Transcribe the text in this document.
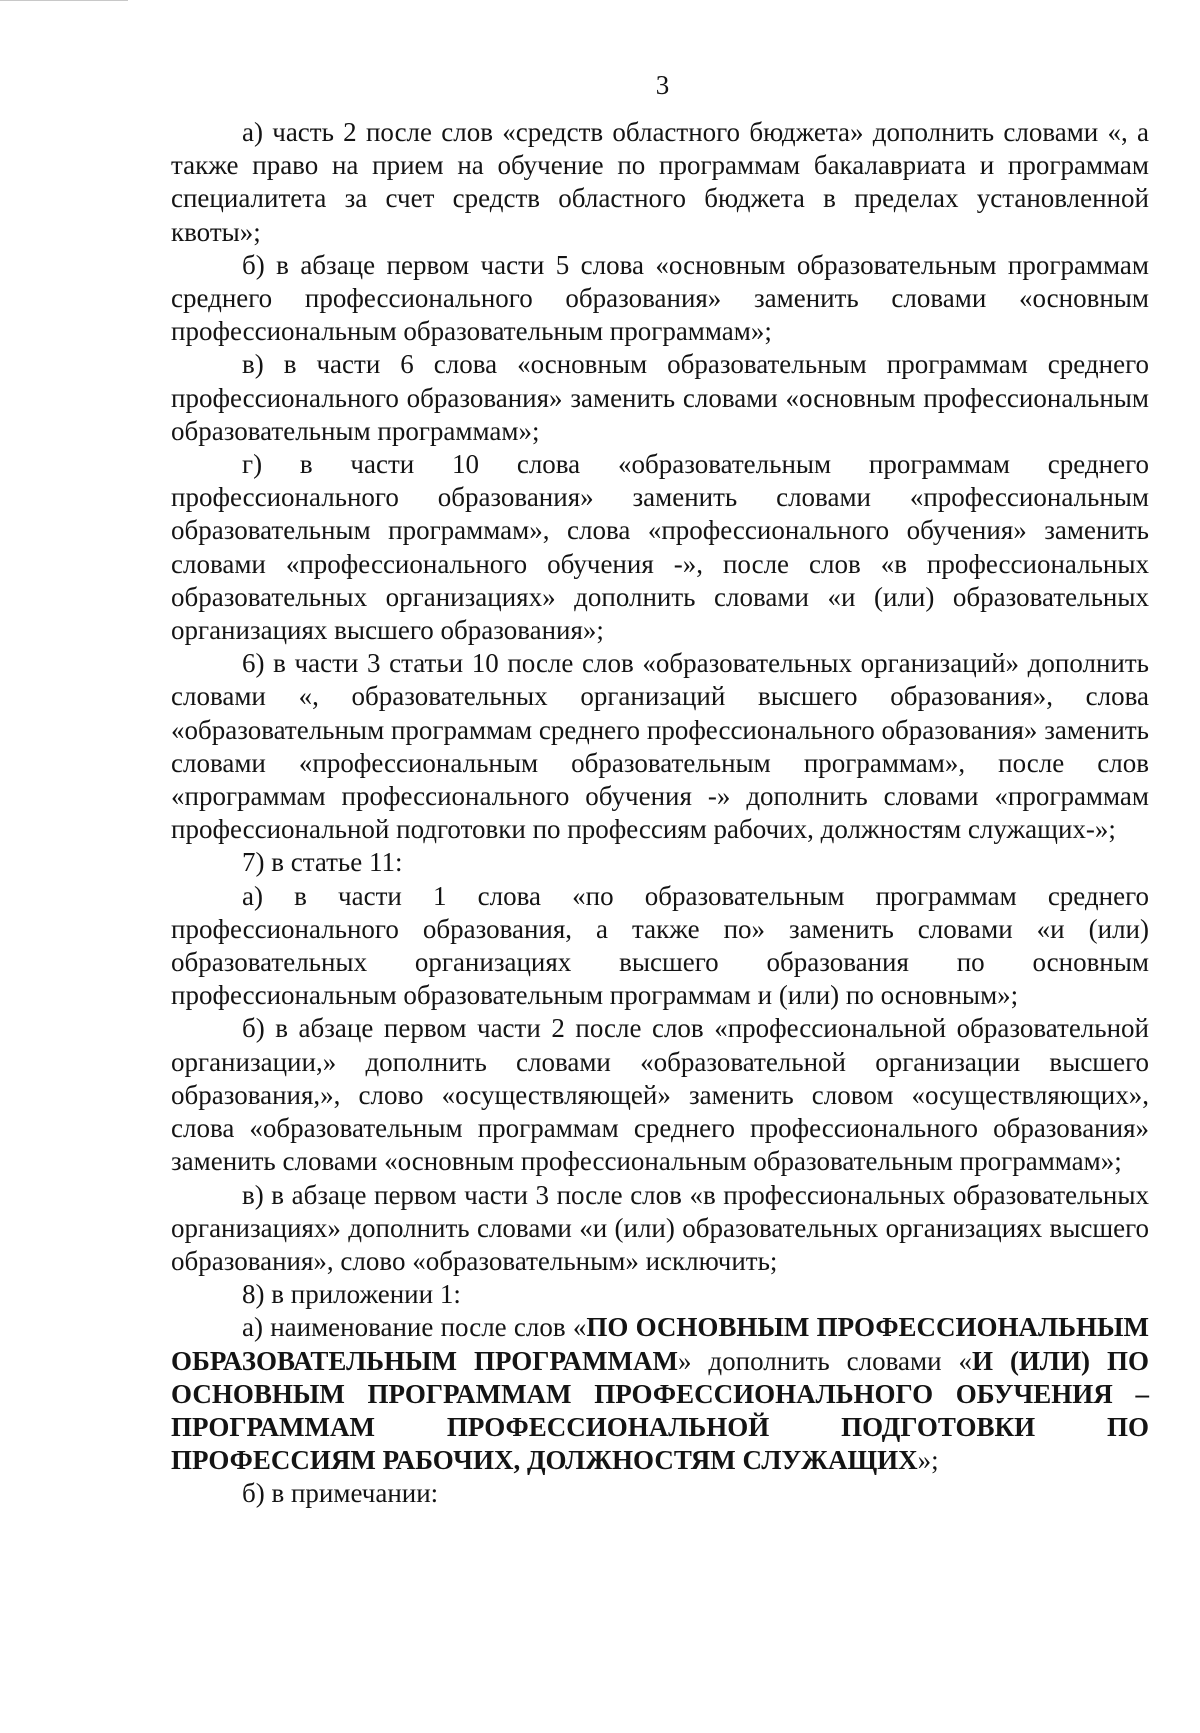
3

а) часть 2 после слов «средств областного бюджета» дополнить словами «, а также право на прием на обучение по программам бакалавриата и программам специалитета за счет средств областного бюджета в пределах установленной квоты»;

б) в абзаце первом части 5 слова «основным образовательным программам среднего профессионального образования» заменить словами «основным профессиональным образовательным программам»;

в) в части 6 слова «основным образовательным программам среднего профессионального образования» заменить словами «основным профессиональным образовательным программам»;

г) в части 10 слова «образовательным программам среднего профессионального образования» заменить словами «профессиональным образовательным программам», слова «профессионального обучения» заменить словами «профессионального обучения -», после слов «в профессиональных образовательных организациях» дополнить словами «и (или) образовательных организациях высшего образования»;

6) в части 3 статьи 10 после слов «образовательных организаций» дополнить словами «, образовательных организаций высшего образования», слова «образовательным программам среднего профессионального образования» заменить словами «профессиональным образовательным программам», после слов «программам профессионального обучения -» дополнить словами «программам профессиональной подготовки по профессиям рабочих, должностям служащих-»;

7) в статье 11:

а) в части 1 слова «по образовательным программам среднего профессионального образования, а также по» заменить словами «и (или) образовательных организациях высшего образования по основным профессиональным образовательным программам и (или) по основным»;

б) в абзаце первом части 2 после слов «профессиональной образовательной организации,» дополнить словами «образовательной организации высшего образования,», слово «осуществляющей» заменить словом «осуществляющих», слова «образовательным программам среднего профессионального образования» заменить словами «основным профессиональным образовательным программам»;

в) в абзаце первом части 3 после слов «в профессиональных образовательных организациях» дополнить словами «и (или) образовательных организациях высшего образования», слово «образовательным» исключить;

8) в приложении 1:

а) наименование после слов «ПО ОСНОВНЫМ ПРОФЕССИОНАЛЬНЫМ ОБРАЗОВАТЕЛЬНЫМ ПРОГРАММАМ» дополнить словами «И (ИЛИ) ПО ОСНОВНЫМ ПРОГРАММАМ ПРОФЕССИОНАЛЬНОГО ОБУЧЕНИЯ – ПРОГРАММАМ ПРОФЕССИОНАЛЬНОЙ ПОДГОТОВКИ ПО ПРОФЕССИЯМ РАБОЧИХ, ДОЛЖНОСТЯМ СЛУЖАЩИХ»;

б) в примечании:
